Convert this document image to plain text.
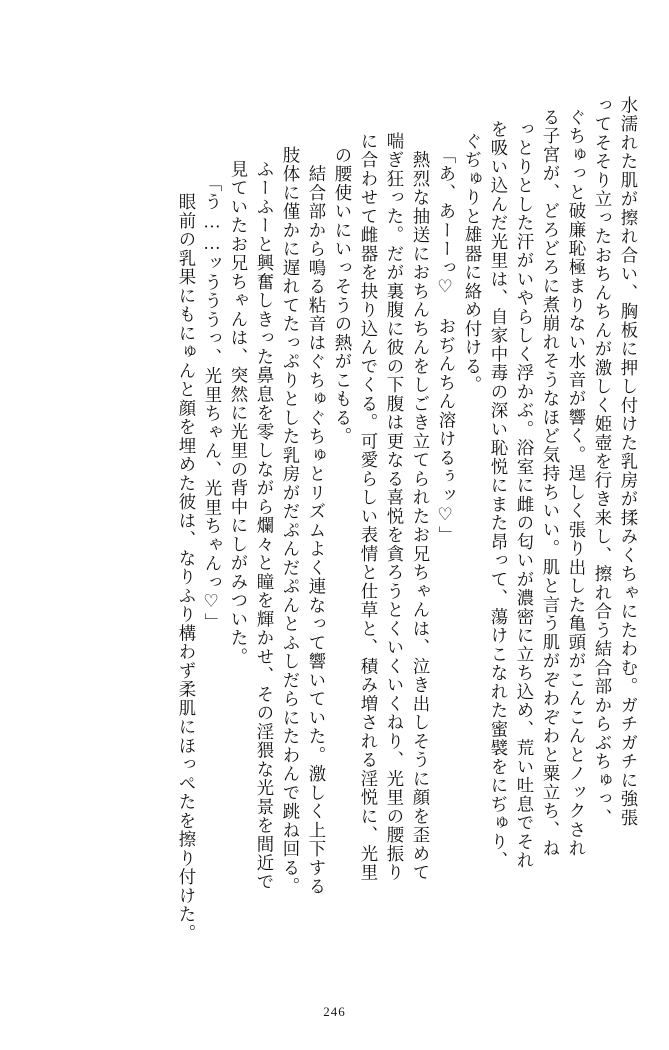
水濡れた肌が擦れ合い、胸板に押し付けた乳房が揉みくちゃにたわむ。ガチガチに強張
ってそそり立ったおちんちんが激しく姫壺を行き来し、擦れ合う結合部からぶちゅっ、
ぐちゅっと破廉恥極まりない水音が響く。逞しく張り出した亀頭がこんこんとノックされ
る子宮が、どろどろに煮崩れそうなほど気持ちいい。肌と言う肌がぞわぞわと粟立ち、ね
っとりとした汗がいやらしく浮かぶ。浴室に雌の匂いが濃密に立ち込め、荒い吐息でそれ
を吸い込んだ光里は、自家中毒の深い恥悦にまた昂って、蕩けこなれた蜜襞をにぢゅり、
ぐぢゅりと雄器に絡め付ける。
「あ、あーーっ♡　おぢんちん溶けるぅッ♡」
　熱烈な抽送におちんちんをしごき立てられたお兄ちゃんは、泣き出しそうに顔を歪めて
喘ぎ狂った。だが裏腹に彼の下腹は更なる喜悦を貪ろうとくいくいくねり、光里の腰振り
に合わせて雌器を抉り込んでくる。可愛らしい表情と仕草と、積み増される淫悦に、光里
の腰使いにいっそうの熱がこもる。
　結合部から鳴る粘音はぐちゅぐちゅとリズムよく連なって響いていた。激しく上下する
肢体に僅かに遅れてたっぷりとした乳房がだぷんだぷんとふしだらにたわんで跳ね回る。
ふーふーと興奮しきった鼻息を零しながら爛々と瞳を輝かせ、その淫猥な光景を間近で
見ていたお兄ちゃんは、突然に光里の背中にしがみついた。
「う……ッうううっ、光里ちゃん、光里ちゃんっ♡」
　眼前の乳果にもにゅんと顔を埋めた彼は、なりふり構わず柔肌にほっぺたを擦り付けた。
246
